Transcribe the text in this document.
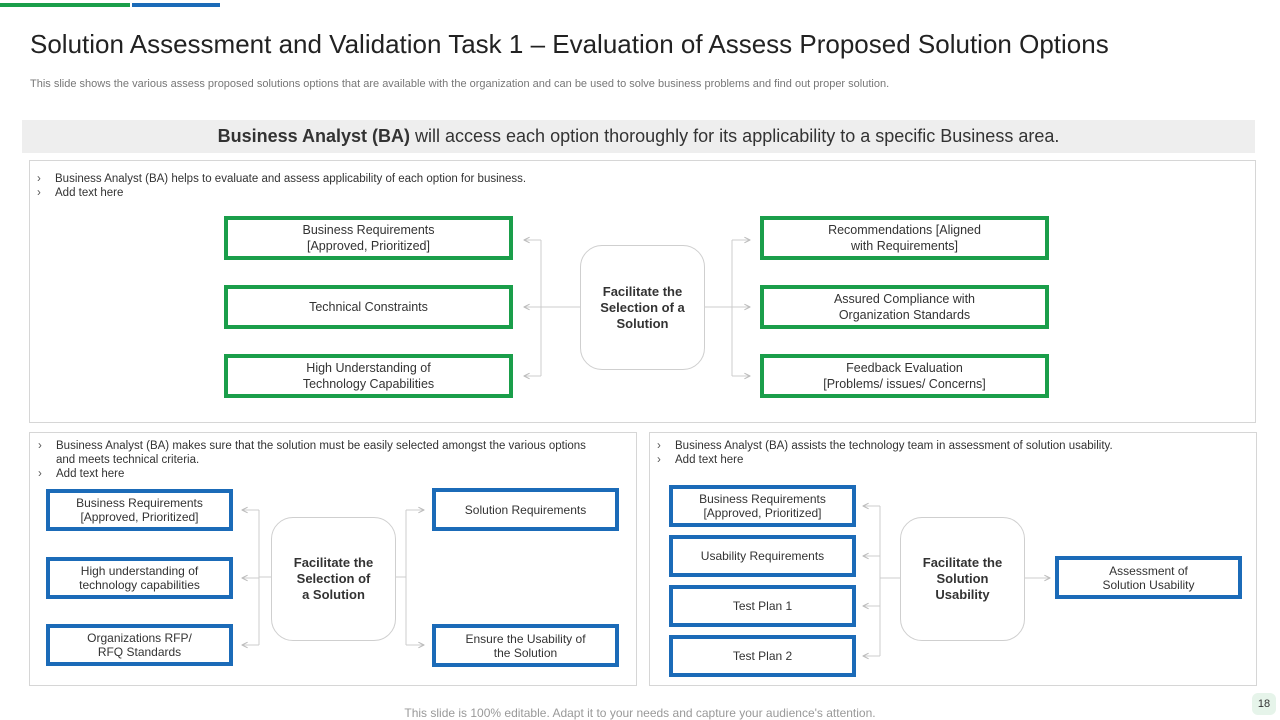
Solution Assessment and Validation Task 1 – Evaluation of Assess Proposed Solution Options
This slide shows the various assess proposed solutions options that are available with the organization and can be used to solve business problems and find out proper solution.
Business Analyst (BA) will access each option thoroughly for its applicability to a specific Business area.
› Business Analyst (BA) helps to evaluate and assess applicability of each option for business.
› Add text here
Business Requirements
[Approved, Prioritized]
Technical Constraints
High Understanding of
Technology Capabilities
Facilitate the
Selection of a
Solution
Recommendations [Aligned
with Requirements]
Assured Compliance with
Organization Standards
Feedback Evaluation
[Problems/ issues/ Concerns]
› Business Analyst (BA) makes sure that the solution must be easily selected amongst the various options
and meets technical criteria.
› Add text here
Business Requirements
[Approved, Prioritized]
High understanding of
technology capabilities
Organizations RFP/
RFQ Standards
Facilitate the
Selection of
a Solution
Solution Requirements
Ensure the Usability of
the Solution
› Business Analyst (BA) assists the technology team in assessment of solution usability.
› Add text here
Business Requirements
[Approved, Prioritized]
Usability Requirements
Test Plan 1
Test Plan 2
Facilitate the
Solution
Usability
Assessment of
Solution Usability
This slide is 100% editable. Adapt it to your needs and capture your audience's attention.
18
